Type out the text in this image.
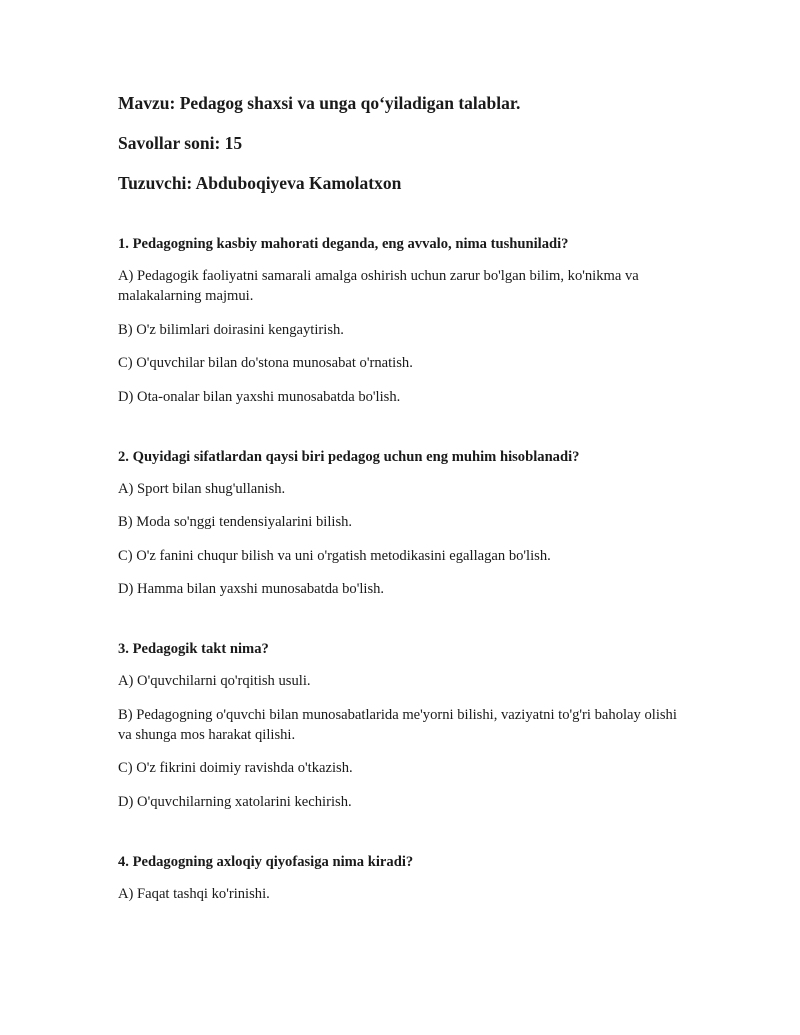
Mavzu: Pedagog shaxsi va unga qo‘yiladigan talablar.

Savollar soni: 15

Tuzuvchi: Abduboqiyeva Kamolatxon

1. Pedagogning kasbiy mahorati deganda, eng avvalo, nima tushuniladi?

A) Pedagogik faoliyatni samarali amalga oshirish uchun zarur bo'lgan bilim, ko'nikma va malakalarning majmui.

B) O'z bilimlari doirasini kengaytirish.

C) O'quvchilar bilan do'stona munosabat o'rnatish.

D) Ota-onalar bilan yaxshi munosabatda bo'lish.

2. Quyidagi sifatlardan qaysi biri pedagog uchun eng muhim hisoblanadi?

A) Sport bilan shug'ullanish.

B) Moda so'nggi tendensiyalarini bilish.

C) O'z fanini chuqur bilish va uni o'rgatish metodikasini egallagan bo'lish.

D) Hamma bilan yaxshi munosabatda bo'lish.

3. Pedagogik takt nima?

A) O'quvchilarni qo'rqitish usuli.

B) Pedagogning o'quvchi bilan munosabatlarida me'yorni bilishi, vaziyatni to'g'ri baholay olishi va shunga mos harakat qilishi.

C) O'z fikrini doimiy ravishda o'tkazish.

D) O'quvchilarning xatolarini kechirish.

4. Pedagogning axloqiy qiyofasiga nima kiradi?

A) Faqat tashqi ko'rinishi.
